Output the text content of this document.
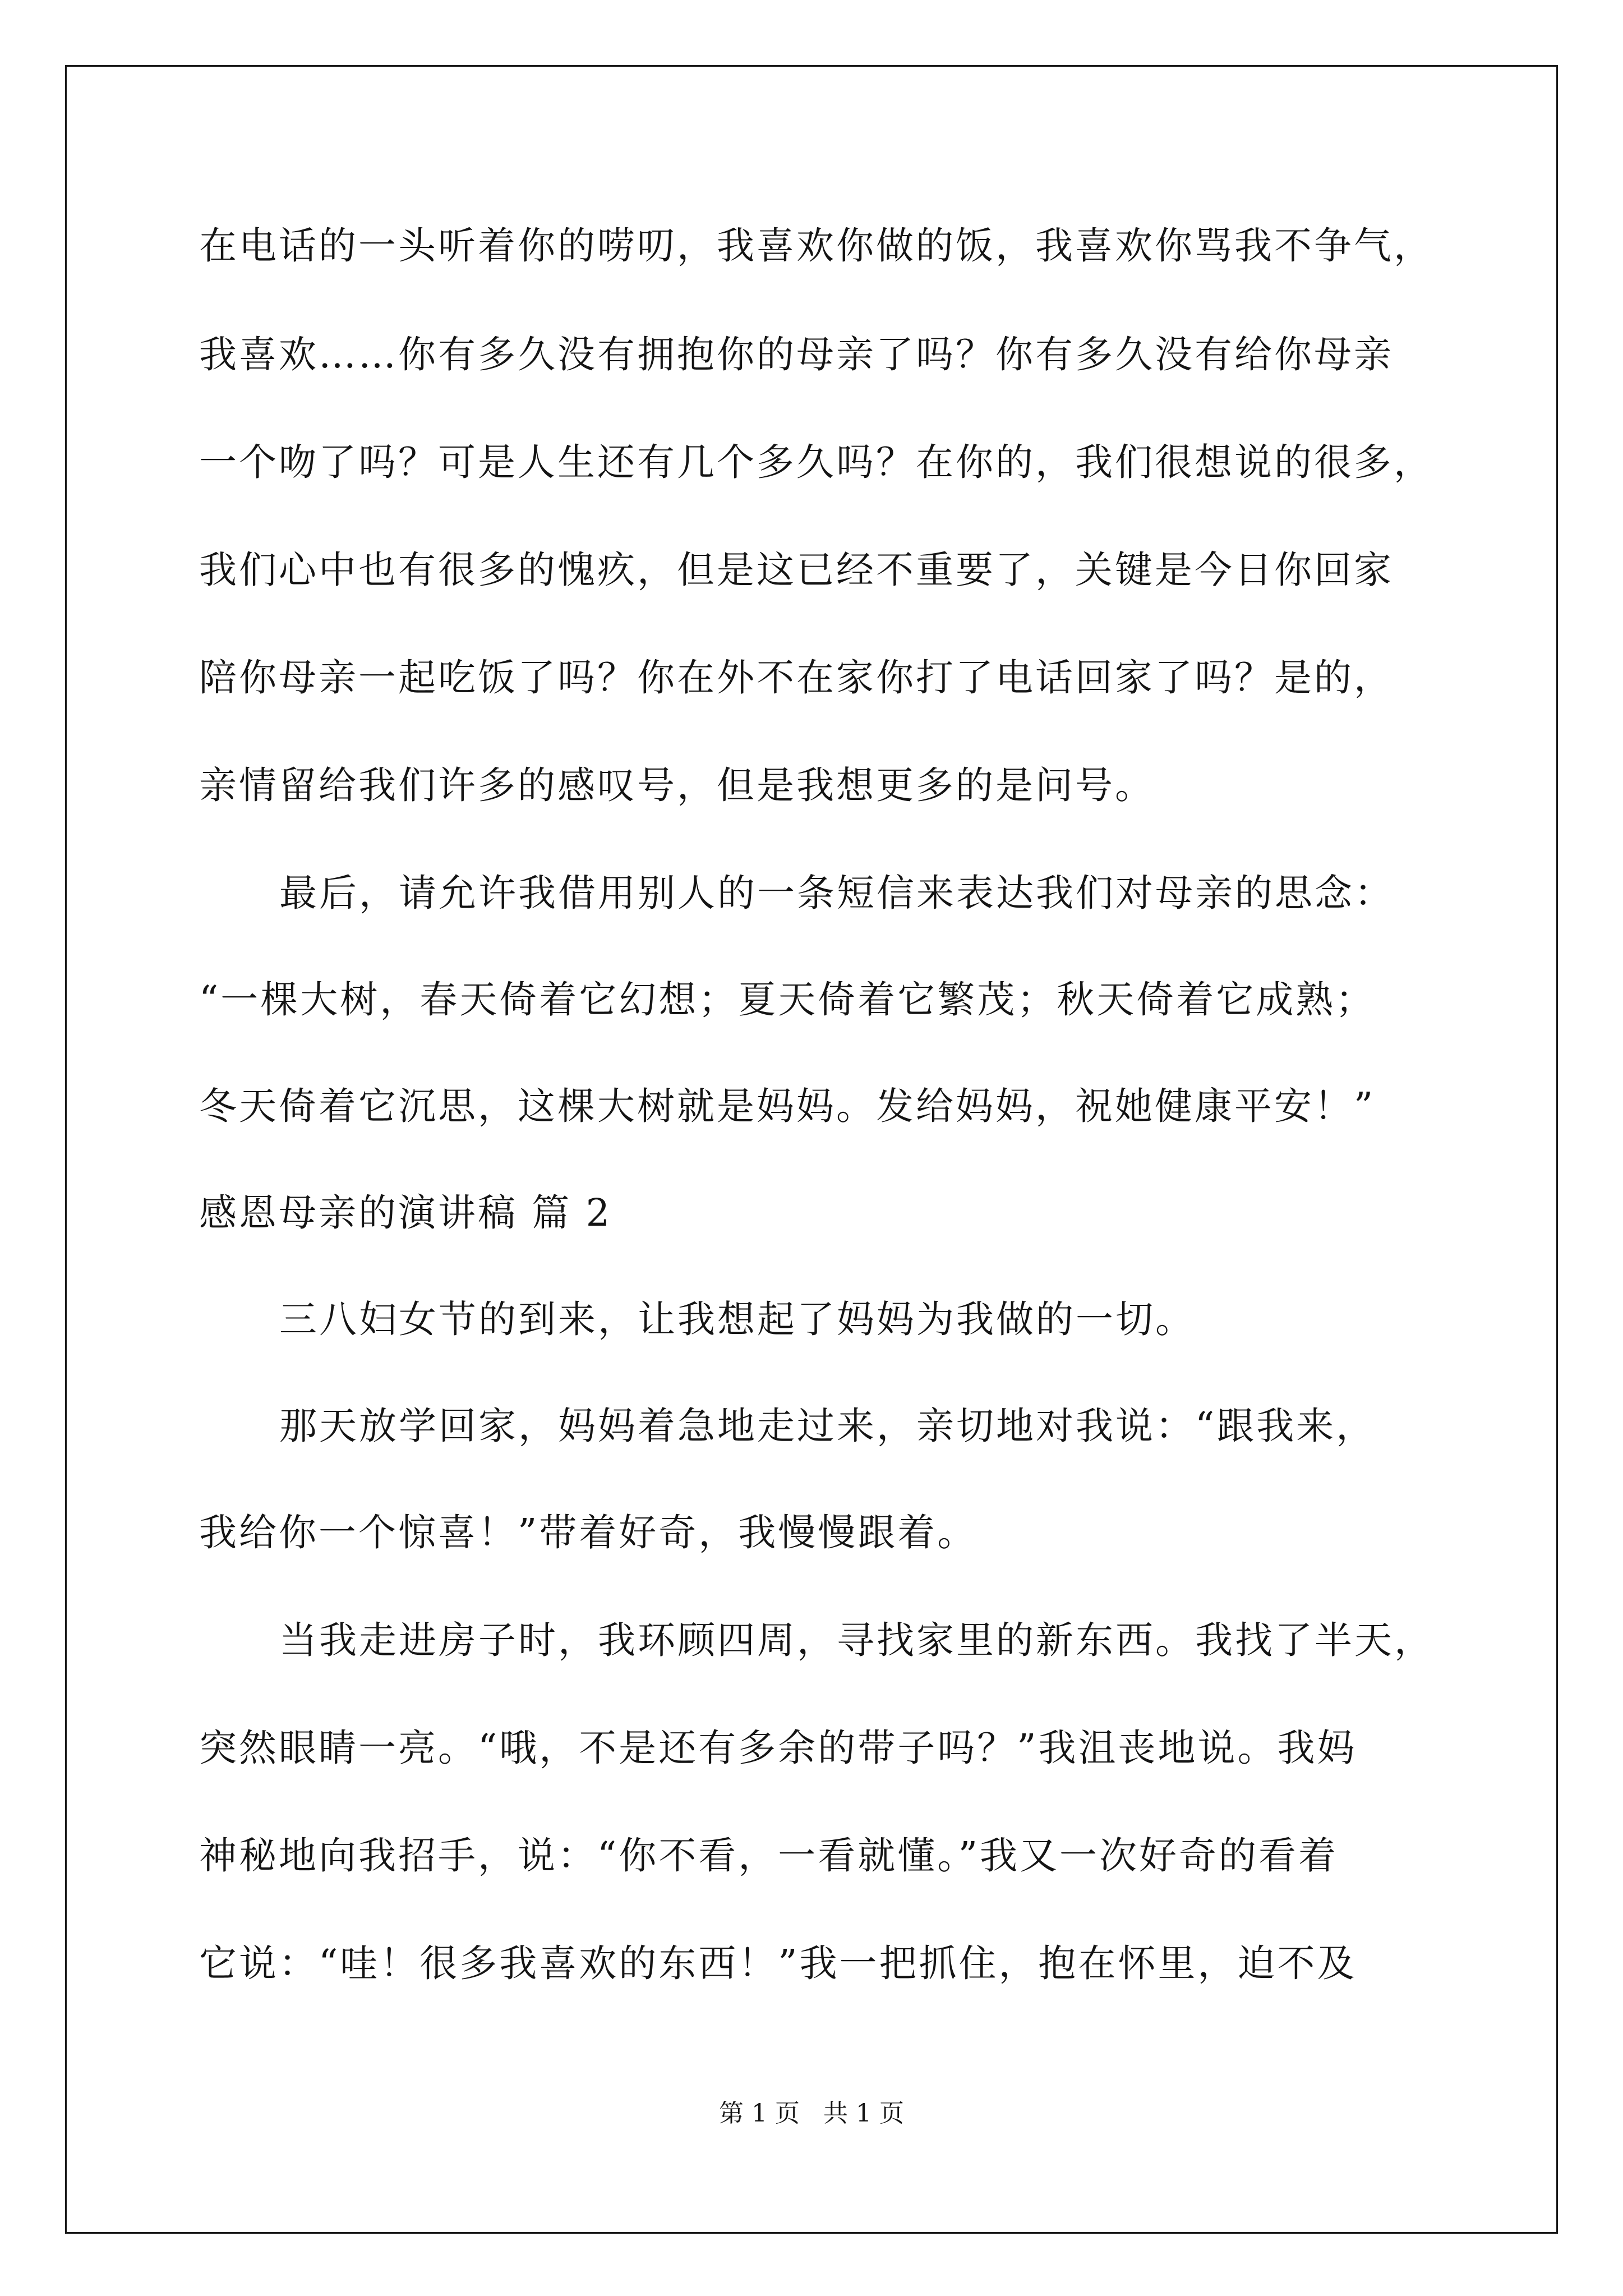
在电话的一头听着你的唠叨，我喜欢你做的饭，我喜欢你骂我不争气，
我喜欢……你有多久没有拥抱你的母亲了吗？你有多久没有给你母亲
一个吻了吗？可是人生还有几个多久吗？在你的，我们很想说的很多，
我们心中也有很多的愧疚，但是这已经不重要了，关键是今日你回家
陪你母亲一起吃饭了吗？你在外不在家你打了电话回家了吗？是的，
亲情留给我们许多的感叹号，但是我想更多的是问号。
最后，请允许我借用别人的一条短信来表达我们对母亲的思念：
“一棵大树，春天倚着它幻想；夏天倚着它繁茂；秋天倚着它成熟；
冬天倚着它沉思，这棵大树就是妈妈。发给妈妈，祝她健康平安！”
感恩母亲的演讲稿 篇 2
三八妇女节的到来，让我想起了妈妈为我做的一切。
那天放学回家，妈妈着急地走过来，亲切地对我说：“跟我来，
我给你一个惊喜！”带着好奇，我慢慢跟着。
当我走进房子时，我环顾四周，寻找家里的新东西。我找了半天，
突然眼睛一亮。“哦，不是还有多余的带子吗？”我沮丧地说。我妈
神秘地向我招手，说：“你不看，一看就懂。”我又一次好奇的看着
它说：“哇！很多我喜欢的东西！”我一把抓住，抱在怀里，迫不及
第 1 页 共 1 页
